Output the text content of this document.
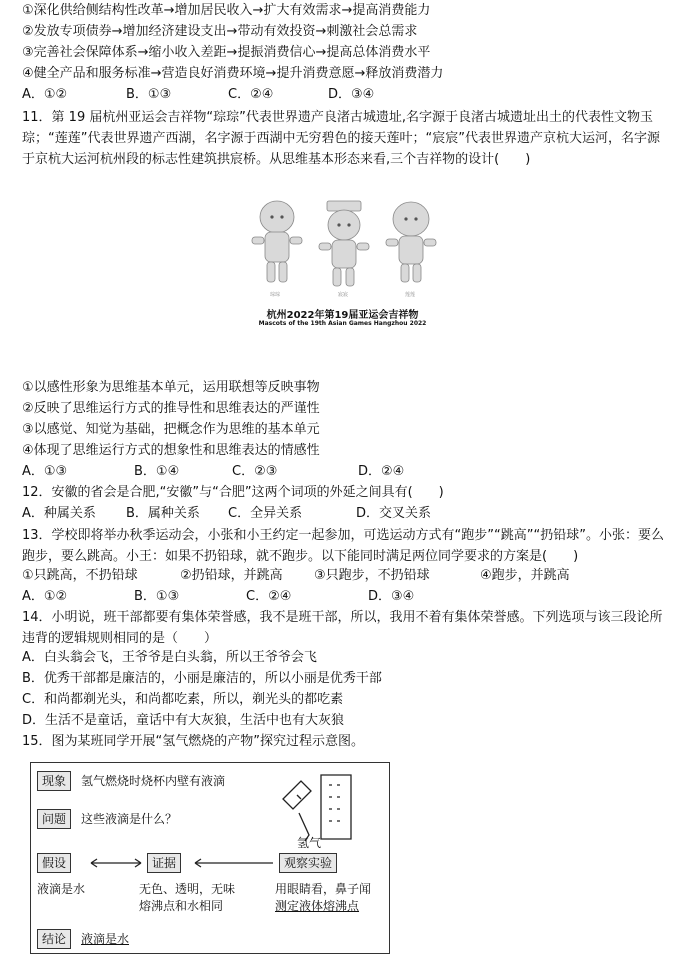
①深化供给侧结构性改革→增加居民收入→扩大有效需求→提高消费能力
②发放专项债券→增加经济建设支出→带动有效投资→刺激社会总需求
③完善社会保障体系→缩小收入差距→提振消费信心→提高总体消费水平
④健全产品和服务标准→营造良好消费环境→提升消费意愿→释放消费潜力
A．①②	B．①③	C．②④	D．③④
11．第 19 届杭州亚运会吉祥物“琮琮”代表世界遗产良渚古城遗址,名字源于良渚古城遗址出土的代表性文物玉琮；“莲莲”代表世界遗产西湖，名字源于西湖中无穷碧色的接天莲叶；“宸宸”代表世界遗产京杭大运河，名字源于京杭大运河杭州段的标志性建筑拱宸桥。从思维基本形态来看,三个吉祥物的设计(　　)
琮琮	宸宸	莲莲
杭州2022年第19届亚运会吉祥物
Mascots of the 19th Asian Games Hangzhou 2022
①以感性形象为思维基本单元，运用联想等反映事物
②反映了思维运行方式的推导性和思维表达的严谨性
③以感觉、知觉为基础，把概念作为思维的基本单元
④体现了思维运行方式的想象性和思维表达的情感性
A．①③	B．①④	C．②③	D．②④
12．安徽的省会是合肥,“安徽”与“合肥”这两个词项的外延之间具有(　　)
A．种属关系 B．属种关系 C．全异关系	D．交叉关系
13．学校即将举办秋季运动会，小张和小王约定一起参加，可选运动方式有“跑步”“跳高”“扔铅球”。小张：要么跑步，要么跳高。小王：如果不扔铅球，就不跑步。以下能同时满足两位同学要求的方案是(　　)
①只跳高，不扔铅球	②扔铅球，并跳高 ③只跑步，不扔铅球	④跑步，并跳高
A．①②	B．①③	C．②④	D．③④
14．小明说，班干部都要有集体荣誉感，我不是班干部，所以，我用不着有集体荣誉感。下列选项与该三段论所违背的逻辑规则相同的是（　　）
A．白头翁会飞，王爷爷是白头翁，所以王爷爷会飞
B．优秀干部都是廉洁的，小丽是廉洁的，所以小丽是优秀干部
C．和尚都剃光头，和尚都吃素，所以，剃光头的都吃素
D．生活不是童话，童话中有大灰狼，生活中也有大灰狼
15．图为某班同学开展“氢气燃烧的产物”探究过程示意图。
现象	氢气燃烧时烧杯内壁有液滴
问题	这些液滴是什么？
氢气
假设	证据	观察实验
液滴是水	无色、透明，无味
熔沸点和水相同
用眼睛看，鼻子闻
测定液体熔沸点
结论	液滴是水
